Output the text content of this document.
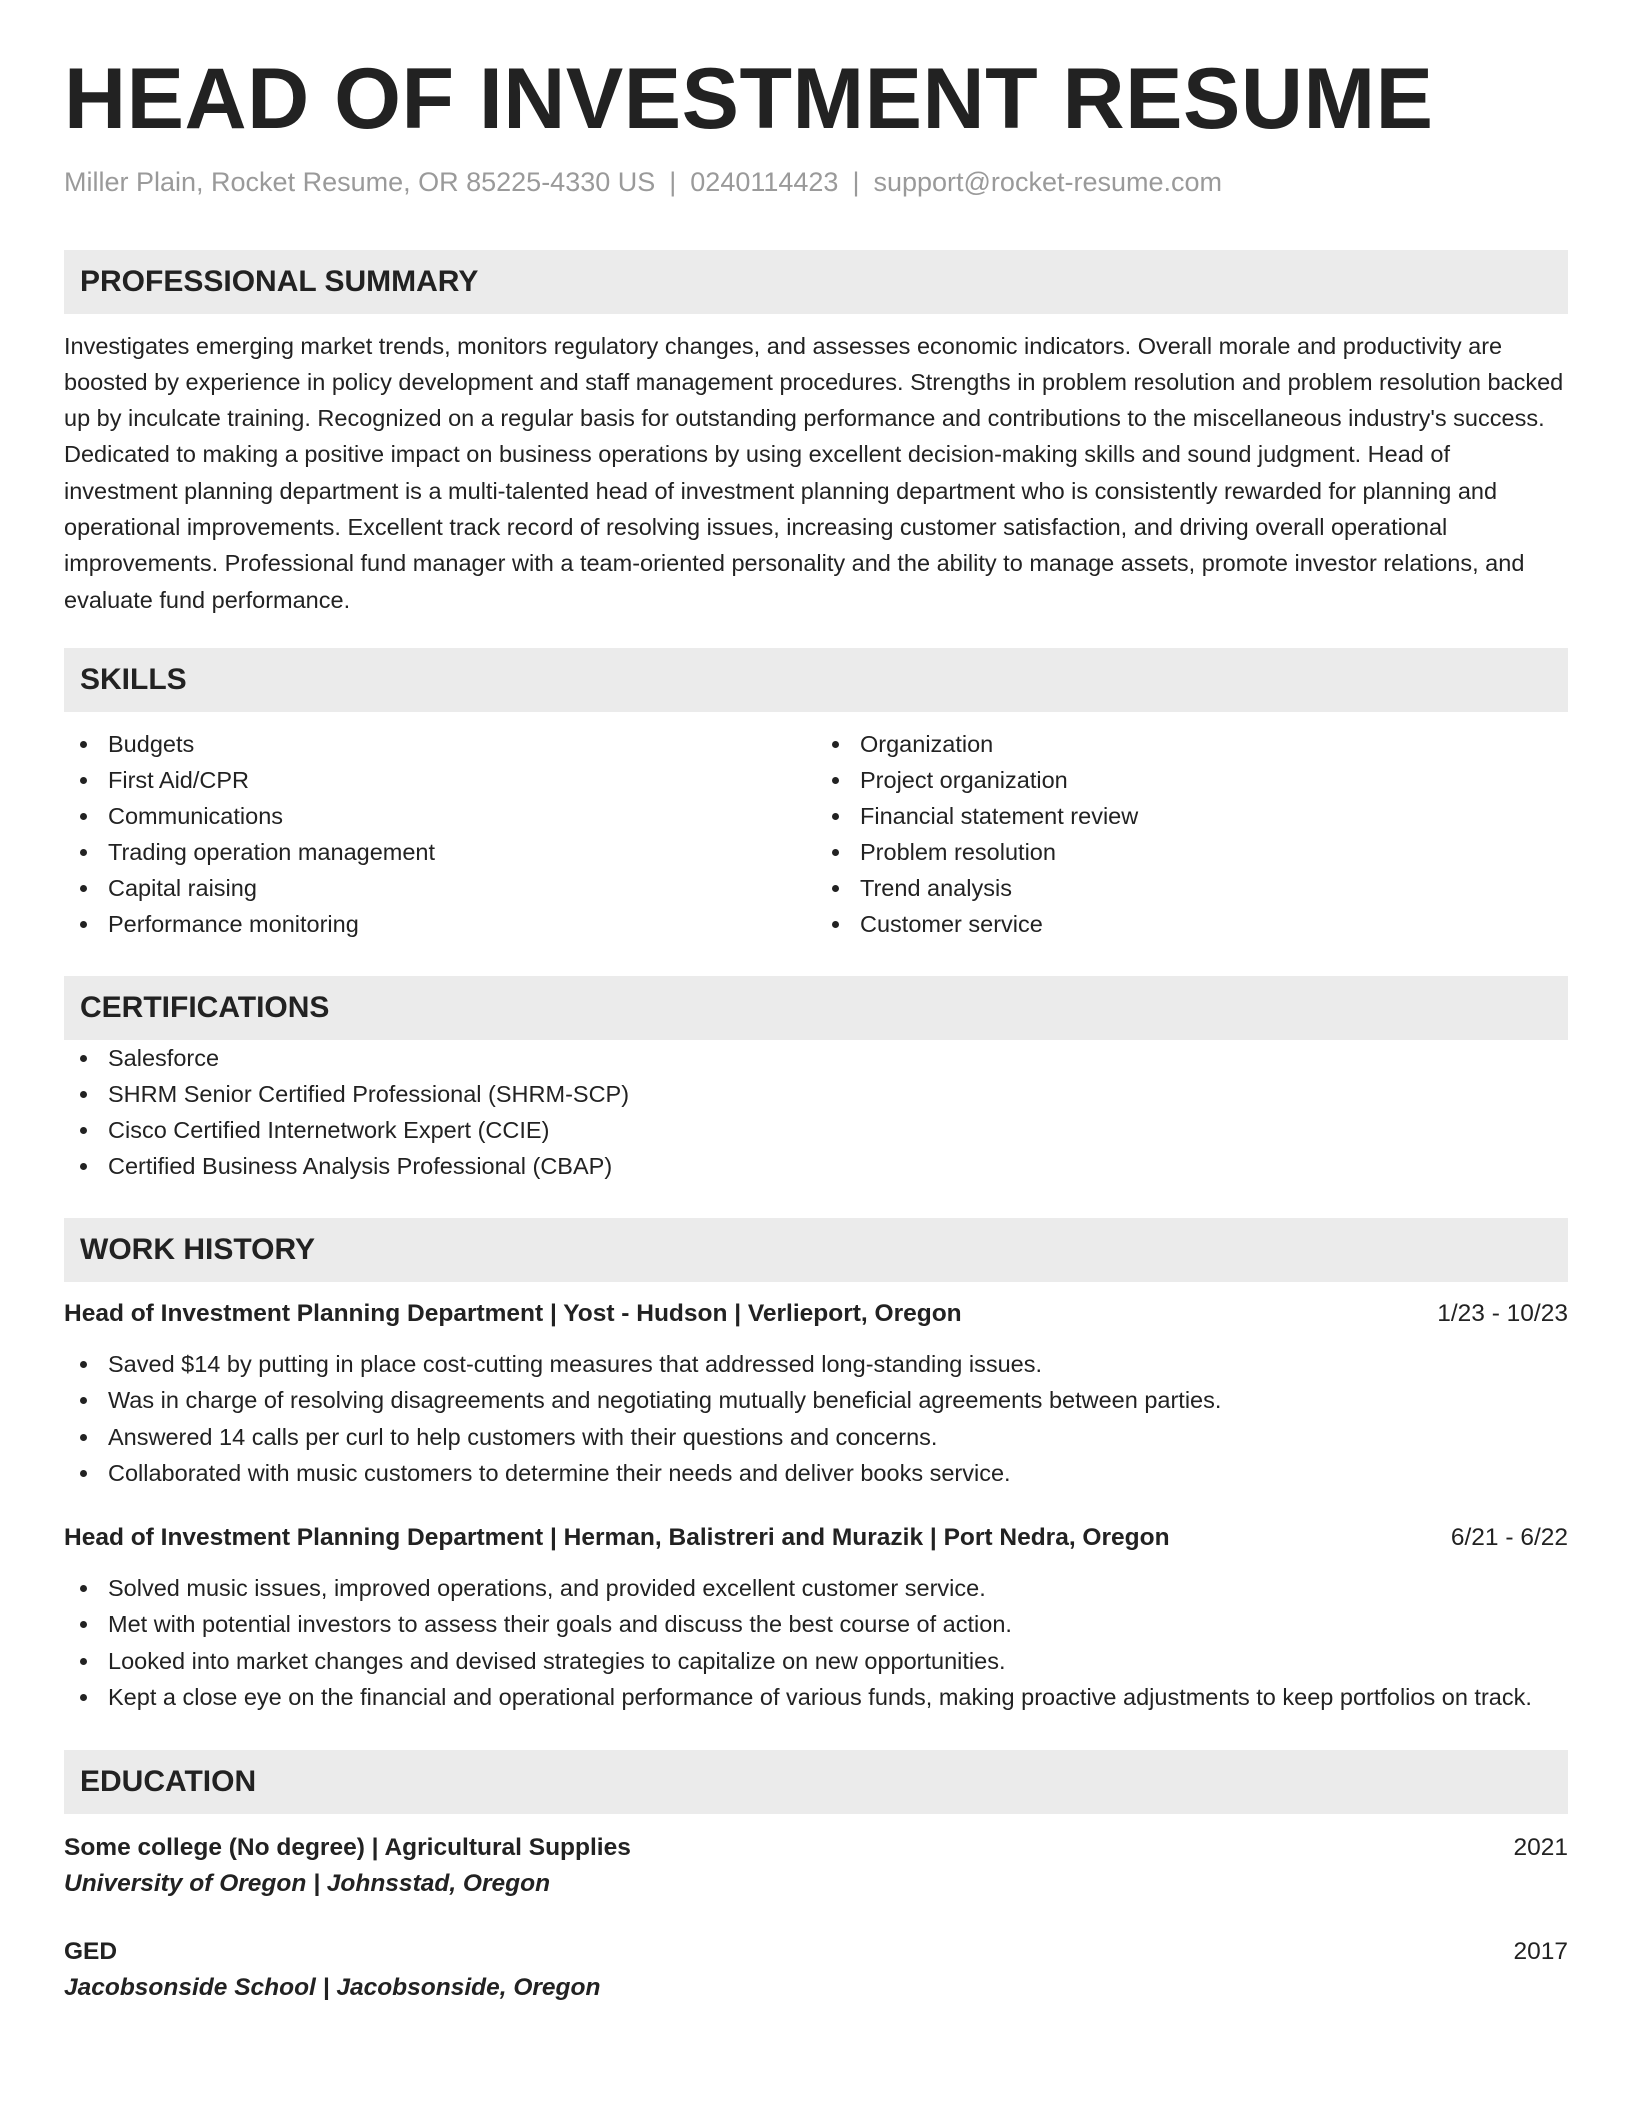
HEAD OF INVESTMENT RESUME
Miller Plain, Rocket Resume, OR 85225-4330 US | 0240114423 | support@rocket-resume.com
PROFESSIONAL SUMMARY

Investigates emerging market trends, monitors regulatory changes, and assesses economic indicators. Overall morale and productivity are boosted by experience in policy development and staff management procedures. Strengths in problem resolution and problem resolution backed up by inculcate training. Recognized on a regular basis for outstanding performance and contributions to the miscellaneous industry's success. Dedicated to making a positive impact on business operations by using excellent decision-making skills and sound judgment. Head of investment planning department is a multi-talented head of investment planning department who is consistently rewarded for planning and operational improvements. Excellent track record of resolving issues, increasing customer satisfaction, and driving overall operational improvements. Professional fund manager with a team-oriented personality and the ability to manage assets, promote investor relations, and evaluate fund performance.

SKILLS
Budgets
First Aid/CPR
Communications
Trading operation management
Capital raising
Performance monitoring
Organization
Project organization
Financial statement review
Problem resolution
Trend analysis
Customer service
CERTIFICATIONS
Salesforce
SHRM Senior Certified Professional (SHRM-SCP)
Cisco Certified Internetwork Expert (CCIE)
Certified Business Analysis Professional (CBAP)
WORK HISTORY
Head of Investment Planning Department | Yost - Hudson | Verlieport, Oregon	1/23 - 10/23
Saved $14 by putting in place cost-cutting measures that addressed long-standing issues.
Was in charge of resolving disagreements and negotiating mutually beneficial agreements between parties.
Answered 14 calls per curl to help customers with their questions and concerns.
Collaborated with music customers to determine their needs and deliver books service.
Head of Investment Planning Department | Herman, Balistreri and Murazik | Port Nedra, Oregon	6/21 - 6/22
Solved music issues, improved operations, and provided excellent customer service.
Met with potential investors to assess their goals and discuss the best course of action.
Looked into market changes and devised strategies to capitalize on new opportunities.
Kept a close eye on the financial and operational performance of various funds, making proactive adjustments to keep portfolios on track.
EDUCATION
Some college (No degree) | Agricultural Supplies	2021
University of Oregon | Johnsstad, Oregon
GED	2017
Jacobsonside School | Jacobsonside, Oregon
